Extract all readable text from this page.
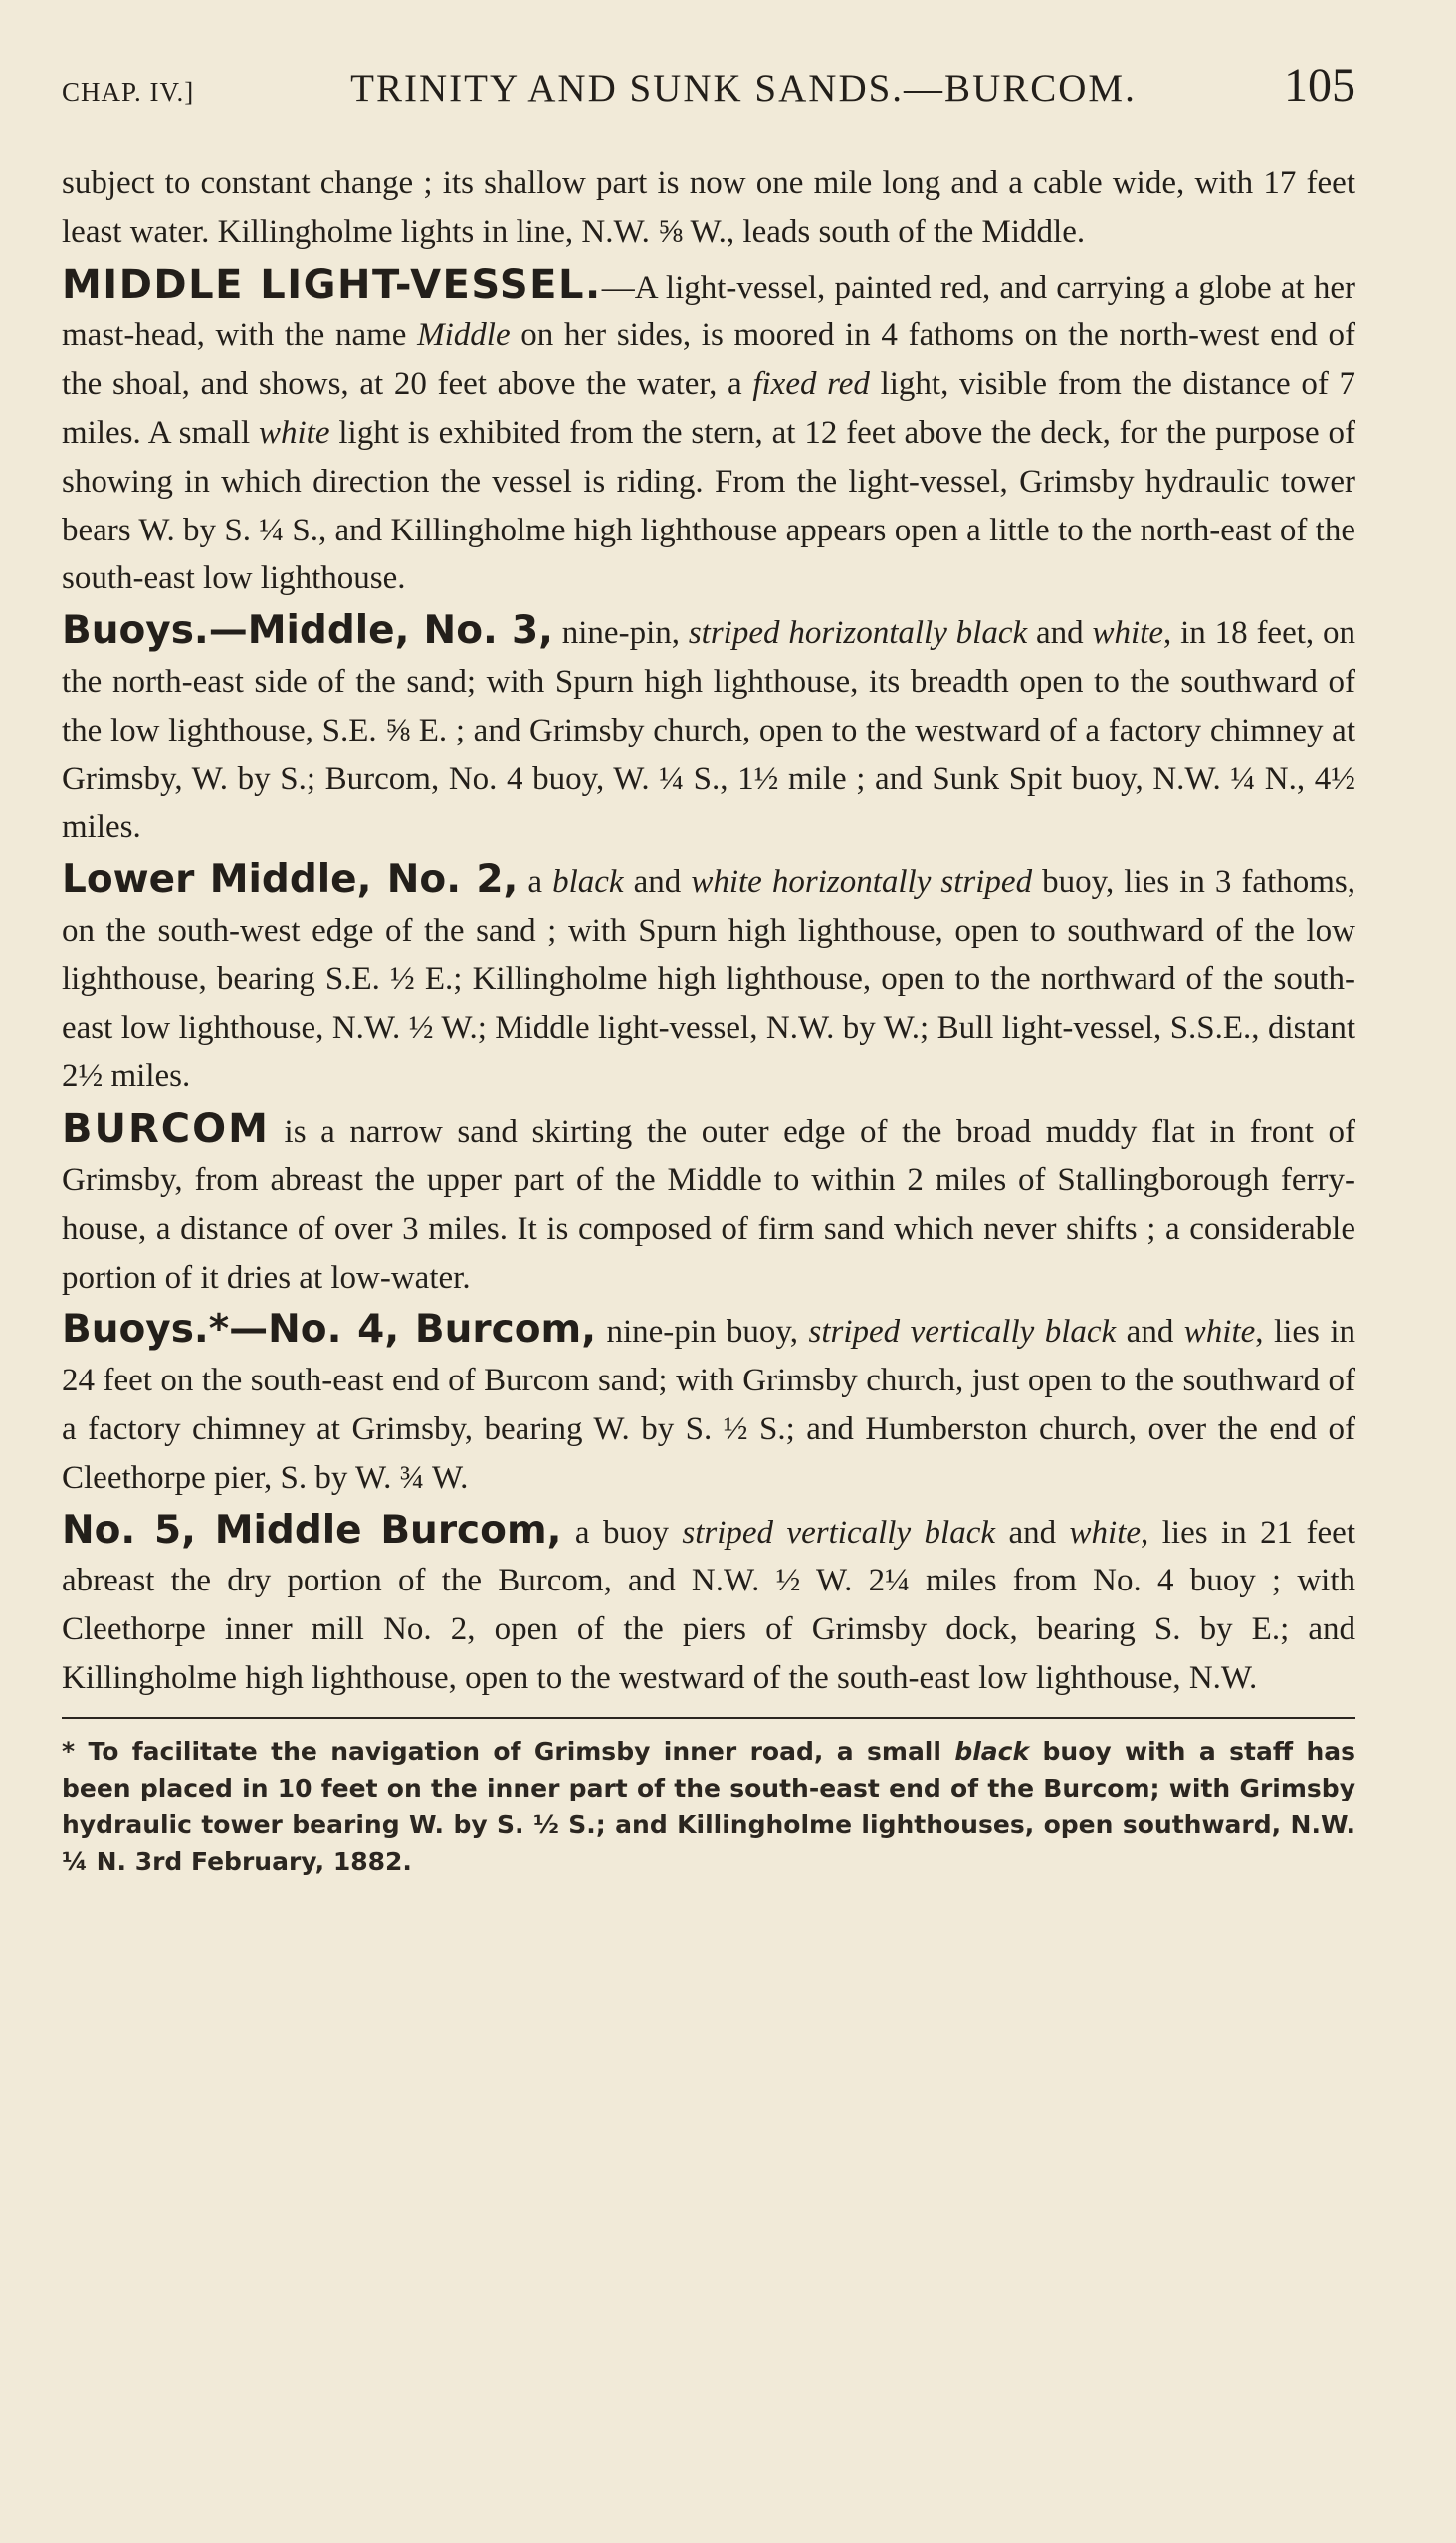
CHAP. IV.]	TRINITY AND SUNK SANDS.—BURCOM.	105

subject to constant change ; its shallow part is now one mile long and a cable wide, with 17 feet least water. Killingholme lights in line, N.W. ⅝ W., leads south of the Middle.

MIDDLE LIGHT-VESSEL.—A light-vessel, painted red, and carrying a globe at her mast-head, with the name Middle on her sides, is moored in 4 fathoms on the north-west end of the shoal, and shows, at 20 feet above the water, a fixed red light, visible from the distance of 7 miles. A small white light is exhibited from the stern, at 12 feet above the deck, for the purpose of showing in which direction the vessel is riding. From the light-vessel, Grimsby hydraulic tower bears W. by S. ¼ S., and Killingholme high lighthouse appears open a little to the north-east of the south-east low lighthouse.

Buoys.—Middle, No. 3, nine-pin, striped horizontally black and white, in 18 feet, on the north-east side of the sand; with Spurn high lighthouse, its breadth open to the southward of the low lighthouse, S.E. ⅝ E. ; and Grimsby church, open to the westward of a factory chimney at Grimsby, W. by S.; Burcom, No. 4 buoy, W. ¼ S., 1½ mile ; and Sunk Spit buoy, N.W. ¼ N., 4½ miles.

Lower Middle, No. 2, a black and white horizontally striped buoy, lies in 3 fathoms, on the south-west edge of the sand ; with Spurn high lighthouse, open to southward of the low lighthouse, bearing S.E. ½ E.; Killingholme high lighthouse, open to the northward of the south-east low lighthouse, N.W. ½ W.; Middle light-vessel, N.W. by W.; Bull light-vessel, S.S.E., distant 2½ miles.

BURCOM is a narrow sand skirting the outer edge of the broad muddy flat in front of Grimsby, from abreast the upper part of the Middle to within 2 miles of Stallingborough ferry-house, a distance of over 3 miles. It is composed of firm sand which never shifts ; a considerable portion of it dries at low-water.

Buoys.*—No. 4, Burcom, nine-pin buoy, striped vertically black and white, lies in 24 feet on the south-east end of Burcom sand; with Grimsby church, just open to the southward of a factory chimney at Grimsby, bearing W. by S. ½ S.; and Humberston church, over the end of Cleethorpe pier, S. by W. ¾ W.

No. 5, Middle Burcom, a buoy striped vertically black and white, lies in 21 feet abreast the dry portion of the Burcom, and N.W. ½ W. 2¼ miles from No. 4 buoy ; with Cleethorpe inner mill No. 2, open of the piers of Grimsby dock, bearing S. by E.; and Killingholme high lighthouse, open to the westward of the south-east low lighthouse, N.W.

* To facilitate the navigation of Grimsby inner road, a small black buoy with a staff has been placed in 10 feet on the inner part of the south-east end of the Burcom; with Grimsby hydraulic tower bearing W. by S. ½ S.; and Killingholme lighthouses, open southward, N.W. ¼ N. 3rd February, 1882.
